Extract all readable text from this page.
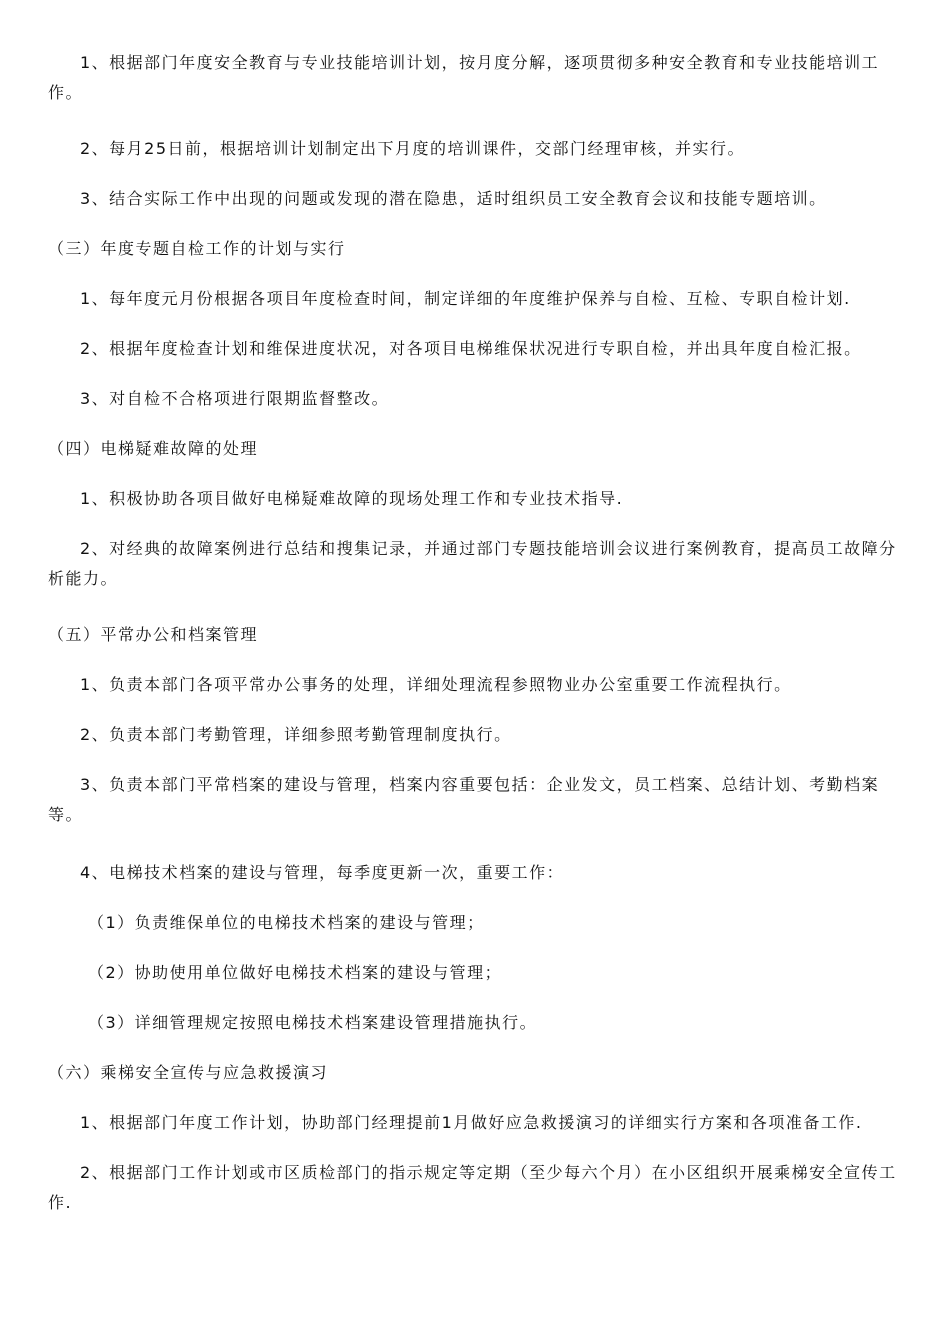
1、根据部门年度安全教育与专业技能培训计划，按月度分解，逐项贯彻多种安全教育和专业技能培训工作。

2、每月25日前，根据培训计划制定出下月度的培训课件，交部门经理审核，并实行。

3、结合实际工作中出现的问题或发现的潜在隐患，适时组织员工安全教育会议和技能专题培训。

（三）年度专题自检工作的计划与实行

1、每年度元月份根据各项目年度检查时间，制定详细的年度维护保养与自检、互检、专职自检计划.

2、根据年度检查计划和维保进度状况，对各项目电梯维保状况进行专职自检，并出具年度自检汇报。

3、对自检不合格项进行限期监督整改。

（四）电梯疑难故障的处理

1、积极协助各项目做好电梯疑难故障的现场处理工作和专业技术指导.

2、对经典的故障案例进行总结和搜集记录，并通过部门专题技能培训会议进行案例教育，提高员工故障分析能力。

（五）平常办公和档案管理

1、负责本部门各项平常办公事务的处理，详细处理流程参照物业办公室重要工作流程执行。

2、负责本部门考勤管理，详细参照考勤管理制度执行。

3、负责本部门平常档案的建设与管理，档案内容重要包括：企业发文，员工档案、总结计划、考勤档案等。

4、电梯技术档案的建设与管理，每季度更新一次，重要工作：

（1）负责维保单位的电梯技术档案的建设与管理；

（2）协助使用单位做好电梯技术档案的建设与管理；

（3）详细管理规定按照电梯技术档案建设管理措施执行。

（六）乘梯安全宣传与应急救援演习

1、根据部门年度工作计划，协助部门经理提前1月做好应急救援演习的详细实行方案和各项准备工作.

2、根据部门工作计划或市区质检部门的指示规定等定期（至少每六个月）在小区组织开展乘梯安全宣传工作.
